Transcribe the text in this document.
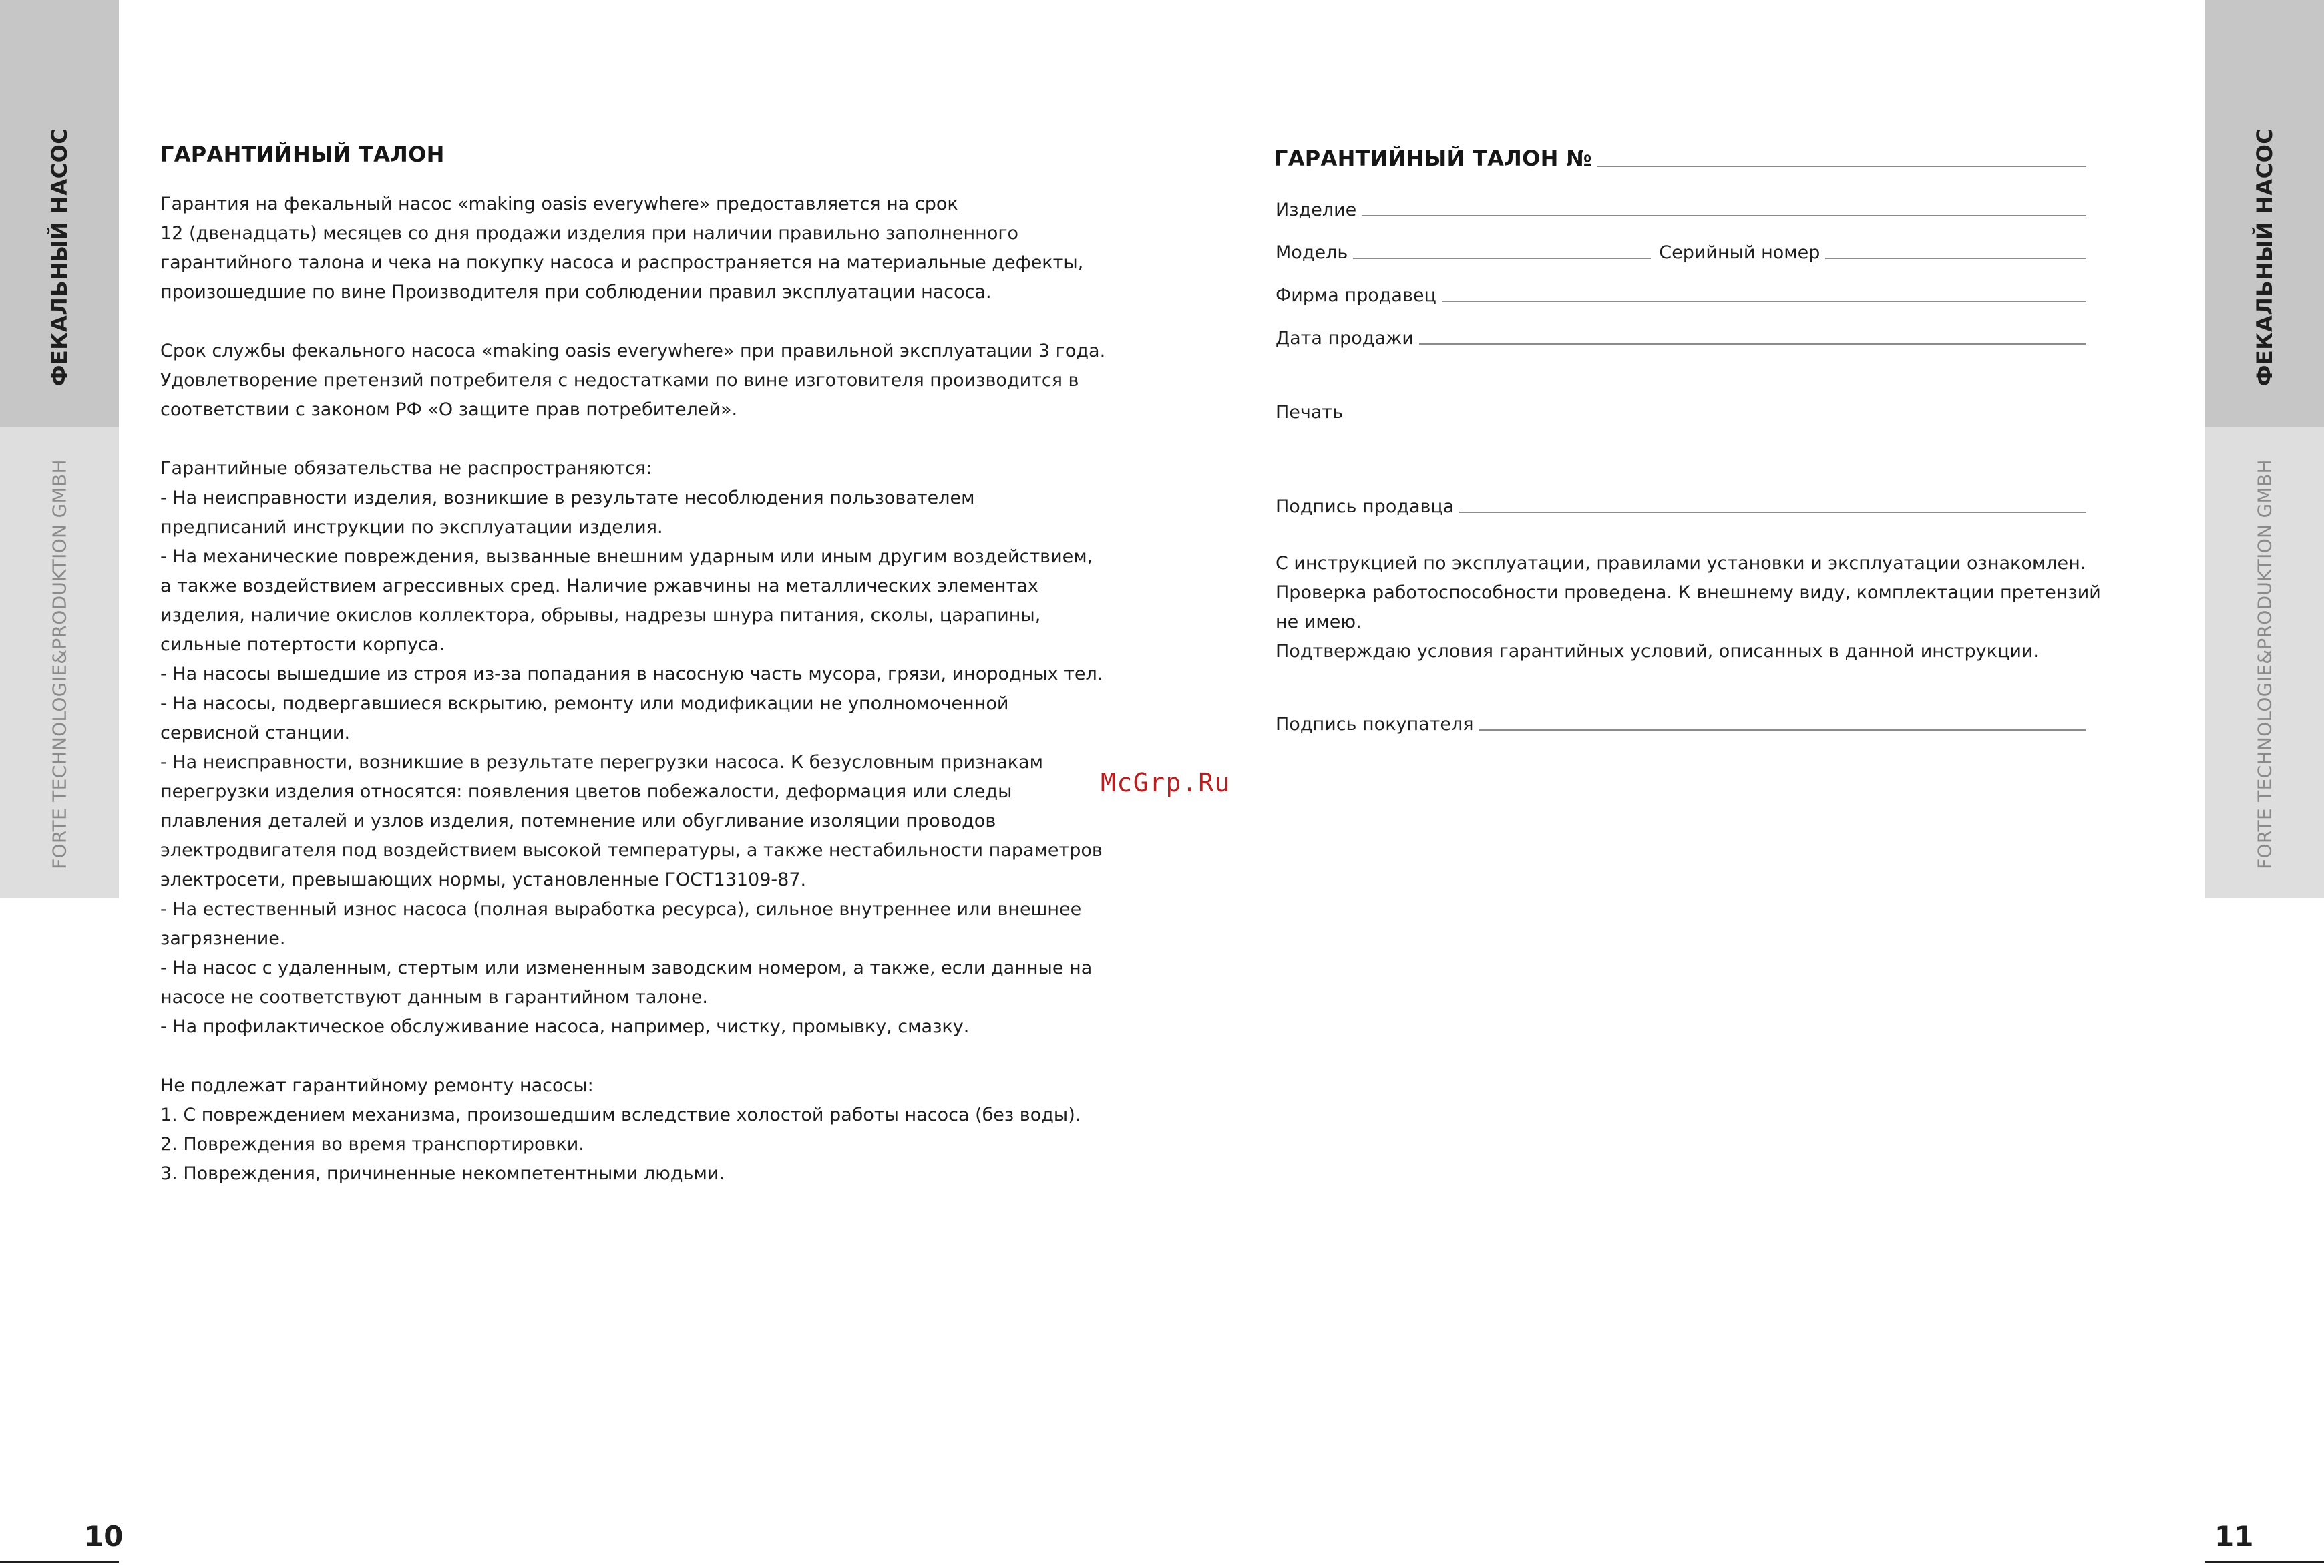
ФЕКАЛЬНЫЙ НАСОС
FORTE TECHNOLOGIE&PRODUKTION GMBH
ФЕКАЛЬНЫЙ НАСОС
FORTE TECHNOLOGIE&PRODUKTION GMBH
10	11
ГАРАНТИЙНЫЙ ТАЛОН

Гарантия на фекальный насос «making oasis everywhere» предоставляется на срок

12 (двенадцать) месяцев со дня продажи изделия при наличии правильно заполненного

гарантийного талона и чека на покупку насоса и распространяется на материальные дефекты,

произошедшие по вине Производителя при соблюдении правил эксплуатации насоса.

Срок службы фекального насоса «making oasis everywhere» при правильной эксплуатации 3 года.

Удовлетворение претензий потребителя с недостатками по вине изготовителя производится в

соответствии с законом РФ «О защите прав потребителей».

Гарантийные обязательства не распространяются:

- На неисправности изделия, возникшие в результате несоблюдения пользователем

предписаний инструкции по эксплуатации изделия.

- На механические повреждения, вызванные внешним ударным или иным другим воздействием,

а также воздействием агрессивных сред. Наличие ржавчины на металлических элементах

изделия, наличие окислов коллектора, обрывы, надрезы шнура питания, сколы, царапины,

сильные потертости корпуса.

- На насосы вышедшие из строя из-за попадания в насосную часть мусора, грязи, инородных тел.

- На насосы, подвергавшиеся вскрытию, ремонту или модификации не уполномоченной

сервисной станции.

- На неисправности, возникшие в результате перегрузки насоса. К безусловным признакам

перегрузки изделия относятся: появления цветов побежалости, деформация или следы

плавления деталей и узлов изделия, потемнение или обугливание изоляции проводов

электродвигателя под воздействием высокой температуры, а также нестабильности параметров

электросети, превышающих нормы, установленные ГОСТ13109-87.

- На естественный износ насоса (полная выработка ресурса), сильное внутреннее или внешнее

загрязнение.

- На насос с удаленным, стертым или измененным заводским номером, а также, если данные на

насосе не соответствуют данным в гарантийном талоне.

- На профилактическое обслуживание насоса, например, чистку, промывку, смазку.

Не подлежат гарантийному ремонту насосы:

1. С повреждением механизма, произошедшим вследствие холостой работы насоса (без воды).

2. Повреждения во время транспортировки.

3. Повреждения, причиненные некомпетентными людьми.

ГАРАНТИЙНЫЙ ТАЛОН №
Изделие
Модель	Серийный номер
Фирма продавец
Дата продажи
Печать
Подпись продавца

С инструкцией по эксплуатации, правилами установки и эксплуатации ознакомлен.

Проверка работоспособности проведена. К внешнему виду, комплектации претензий

не имею.

Подтверждаю условия гарантийных условий, описанных в данной инструкции.

Подпись покупателя
McGrp.Ru
